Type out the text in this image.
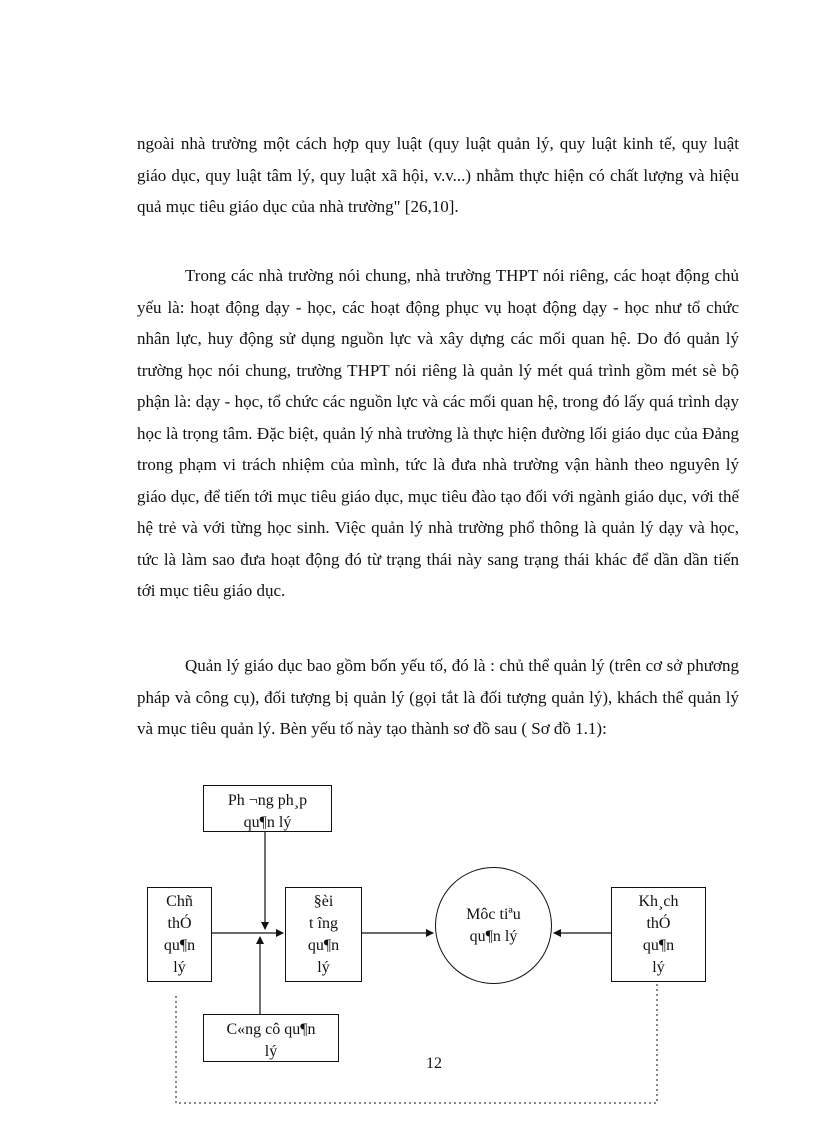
ngoài nhà trường một cách hợp quy luật (quy luật quản lý, quy luật kinh tế, quy luật giáo dục, quy luật tâm lý, quy luật xã hội, v.v...) nhằm thực hiện có chất lượng và hiệu quả mục tiêu giáo dục của nhà trường" [26,10].

Trong các nhà trường nói chung, nhà trường THPT nói riêng, các hoạt động chủ yếu là: hoạt động dạy - học, các hoạt động phục vụ hoạt động dạy - học như tổ chức nhân lực, huy động sử dụng nguồn lực và xây dựng các mối quan hệ. Do đó quản lý trường học nói chung, trường THPT nói riêng là quản lý mét quá trình gồm mét sè bộ phận là: dạy - học, tổ chức các nguồn lực và các mối quan hệ, trong đó lấy quá trình dạy học là trọng tâm. Đặc biệt, quản lý nhà trường là thực hiện đường lối giáo dục của Đảng trong phạm vi trách nhiệm của mình, tức là đưa nhà trường vận hành theo nguyên lý giáo dục, để tiến tới mục tiêu giáo dục, mục tiêu đào tạo đối với ngành giáo dục, với thế hệ trẻ và với từng học sinh. Việc quản lý nhà trường phổ thông là quản lý dạy và học, tức là làm sao đưa hoạt động đó từ trạng thái này sang trạng thái khác để dần dần tiến tới mục tiêu giáo dục.

Quản lý giáo dục bao gồm bốn yếu tố, đó là : chủ thể quản lý (trên cơ sở phương pháp và công cụ), đối tượng bị quản lý (gọi tắt là đối tượng quản lý), khách thể quản lý và mục tiêu quản lý. Bèn yếu tố này tạo thành sơ đồ sau ( Sơ đồ 1.1):

Ph ¬ng ph¸p
qu¶n lý
Chñ
thÓ
qu¶n
lý
§èi
t îng
qu¶n
lý
Môc tiªu
qu¶n lý
Kh¸ch
thÓ
qu¶n
lý
C«ng cô qu¶n
lý
12
